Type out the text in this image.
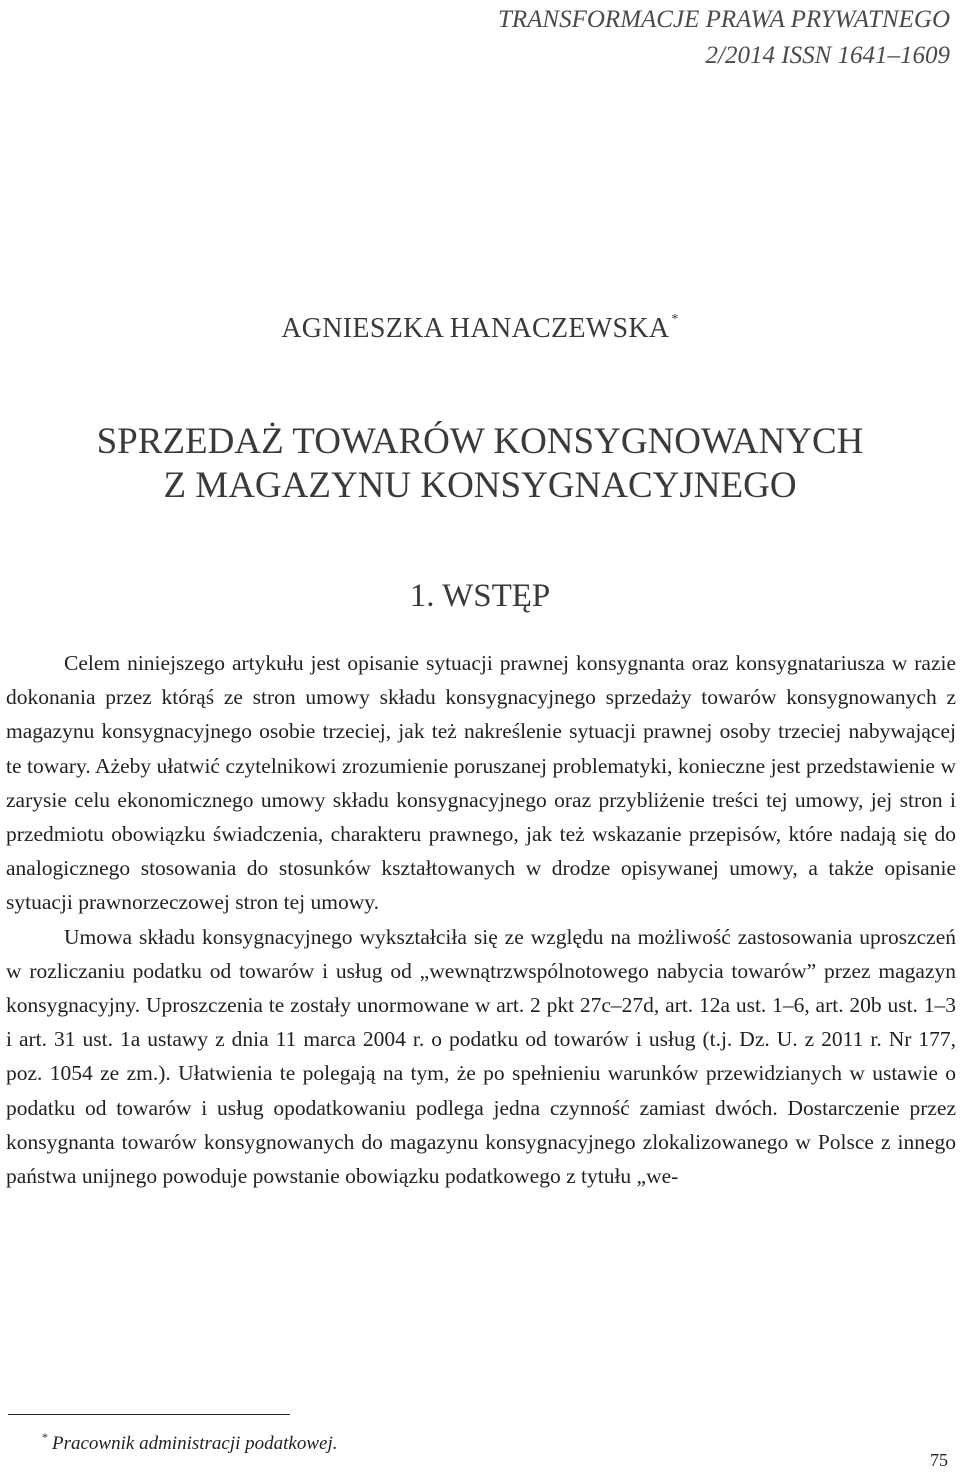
TRANSFORMACJE PRAWA PRYWATNEGO
2/2014 ISSN 1641–1609
AGNIESZKA HANACZEWSKA *
SPRZEDAŻ TOWARÓW KONSYGNOWANYCH
Z MAGAZYNU KONSYGNACYJNEGO
1. WSTĘP

Celem niniejszego artykułu jest opisanie sytuacji prawnej konsygnanta oraz konsygnatariusza w razie dokonania przez którąś ze stron umowy składu konsygnacyjnego sprzedaży towarów konsygnowanych z magazynu konsygnacyjnego osobie trzeciej, jak też nakreślenie sytuacji prawnej osoby trzeciej nabywającej te towary. Ażeby ułatwić czytelnikowi zrozumienie poruszanej problematyki, konieczne jest przedstawienie w zarysie celu ekonomicznego umowy składu konsygnacyjnego oraz przybliżenie treści tej umowy, jej stron i przedmiotu obowiązku świadczenia, charakteru prawnego, jak też wskazanie przepisów, które nadają się do analogicznego stosowania do stosunków kształtowanych w drodze opisywanej umowy, a także opisanie sytuacji prawnorzeczowej stron tej umowy.

Umowa składu konsygnacyjnego wykształciła się ze względu na możliwość zastosowania uproszczeń w rozliczaniu podatku od towarów i usług od „wewnątrzwspólnotowego nabycia towarów” przez magazyn konsygnacyjny. Uproszczenia te zostały unormowane w art. 2 pkt 27c–27d, art. 12a ust. 1–6, art. 20b ust. 1–3 i art. 31 ust. 1a ustawy z dnia 11 marca 2004 r. o podatku od towarów i usług (t.j. Dz. U. z 2011 r. Nr 177, poz. 1054 ze zm.). Ułatwienia te polegają na tym, że po spełnieniu warunków przewidzianych w ustawie o podatku od towarów i usług opodatkowaniu podlega jedna czynność zamiast dwóch. Dostarczenie przez konsygnanta towarów konsygnowanych do magazynu konsygnacyjnego zlokalizowanego w Polsce z innego państwa unijnego powoduje powstanie obowiązku podatkowego z tytułu „we-

* Pracownik administracji podatkowej.
75
